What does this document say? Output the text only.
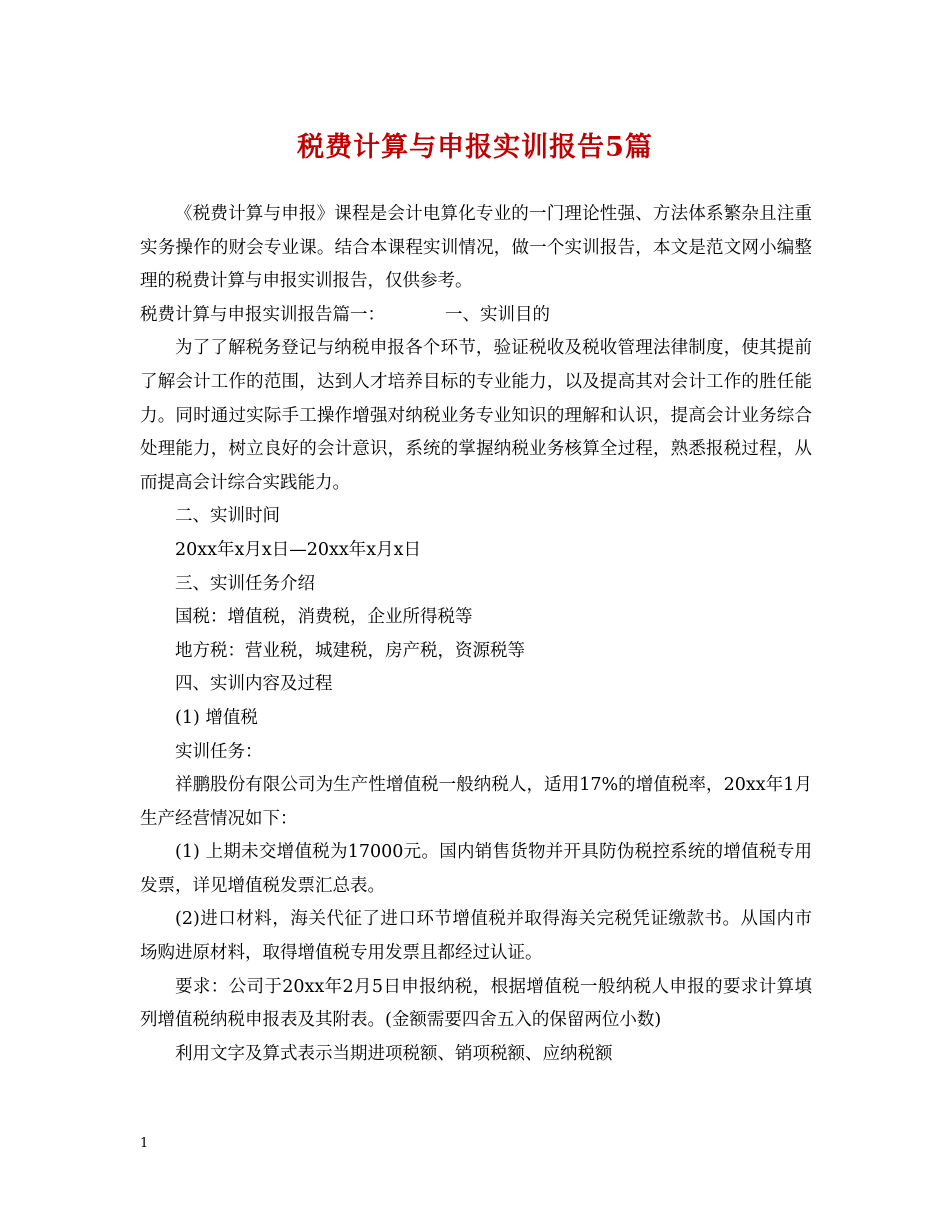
税费计算与申报实训报告5篇

《税费计算与申报》课程是会计电算化专业的一门理论性强、方法体系繁杂且注重实务操作的财会专业课。结合本课程实训情况，做一个实训报告，本文是范文网小编整理的税费计算与申报实训报告，仅供参考。

税费计算与申报实训报告篇一：	一、实训目的

为了了解税务登记与纳税申报各个环节，验证税收及税收管理法律制度，使其提前了解会计工作的范围，达到人才培养目标的专业能力，以及提高其对会计工作的胜任能力。同时通过实际手工操作增强对纳税业务专业知识的理解和认识，提高会计业务综合处理能力，树立良好的会计意识，系统的掌握纳税业务核算全过程，熟悉报税过程，从而提高会计综合实践能力。

二、实训时间

20xx年x月x日—20xx年x月x日

三、实训任务介绍

国税：增值税，消费税，企业所得税等

地方税：营业税，城建税，房产税，资源税等

四、实训内容及过程

(1) 增值税

实训任务：

祥鹏股份有限公司为生产性增值税一般纳税人，适用17%的增值税率，20xx年1月生产经营情况如下：

(1) 上期未交增值税为17000元。国内销售货物并开具防伪税控系统的增值税专用发票，详见增值税发票汇总表。

(2)进口材料，海关代征了进口环节增值税并取得海关完税凭证缴款书。从国内市场购进原材料，取得增值税专用发票且都经过认证。

要求：公司于20xx年2月5日申报纳税，根据增值税一般纳税人申报的要求计算填列增值税纳税申报表及其附表。(金额需要四舍五入的保留两位小数)

利用文字及算式表示当期进项税额、销项税额、应纳税额

1
